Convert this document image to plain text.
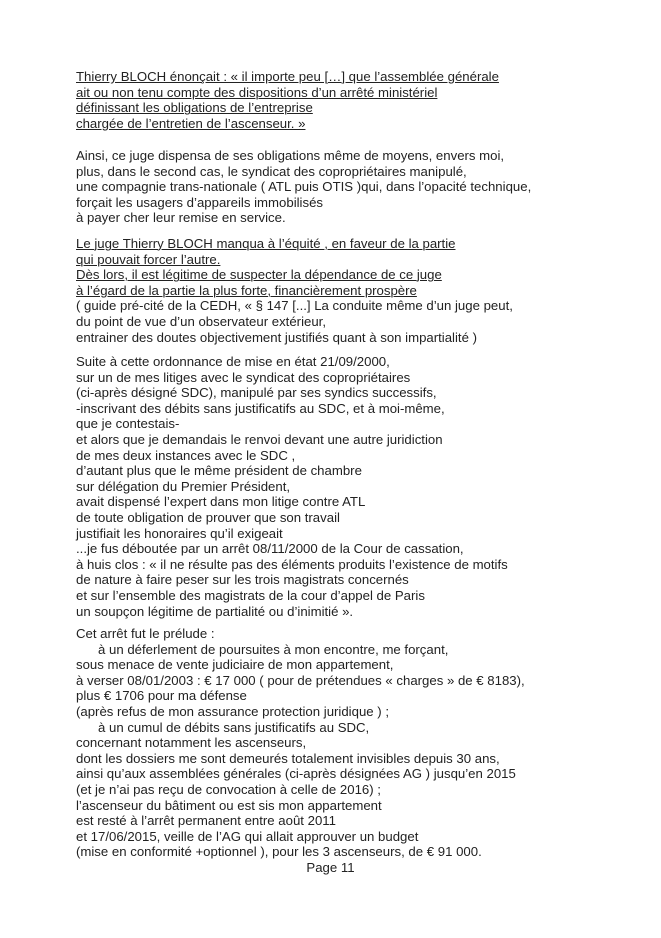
Thierry BLOCH énonçait : « il importe peu […] que l’assemblée générale
ait ou non tenu compte des dispositions d’un arrêté ministériel
définissant les obligations de l’entreprise
chargée de l’entretien de l’ascenseur. »
Ainsi, ce juge dispensa de ses obligations même de moyens, envers moi,
plus, dans le second cas, le syndicat des copropriétaires manipulé,
une compagnie trans-nationale ( ATL puis OTIS )qui, dans l’opacité technique,
forçait les usagers d’appareils immobilisés
à payer cher leur remise en service.
Le juge Thierry BLOCH manqua à l’équité , en faveur de la partie
qui pouvait forcer l’autre.
Dès lors, il est légitime de suspecter la dépendance de ce juge
à l’égard de la partie la plus forte, financièrement prospère
( guide pré-cité de la CEDH, « § 147 [...] La conduite même d’un juge peut,
du point de vue d’un observateur extérieur,
entrainer des doutes objectivement justifiés quant à son impartialité )
Suite à cette ordonnance de mise en état 21/09/2000,
sur un de mes litiges avec le syndicat des copropriétaires
(ci-après désigné SDC), manipulé par ses syndics successifs,
-inscrivant des débits sans justificatifs au SDC, et à moi-même,
que je contestais-
et alors que je demandais le renvoi devant une autre juridiction
de mes deux instances avec le SDC ,
d’autant plus que le même président de chambre
sur délégation du Premier Président,
avait dispensé l’expert dans mon litige contre ATL
de toute obligation de prouver que son travail
justifiait les honoraires qu’il exigeait
...je fus déboutée par un arrêt 08/11/2000 de la Cour de cassation,
à huis clos : « il ne résulte pas des éléments produits l’existence de motifs
de nature à faire peser sur les trois magistrats concernés
et sur l’ensemble des magistrats de la cour d’appel de Paris
un soupçon légitime de partialité ou d’inimitié ».
Cet arrêt fut le prélude :
à un déferlement de poursuites à mon encontre, me forçant,
sous menace de vente judiciaire de mon appartement,
à verser 08/01/2003 : € 17 000 ( pour de prétendues « charges » de € 8183),
plus € 1706 pour ma défense
(après refus de mon assurance protection juridique ) ;
à un cumul de débits sans justificatifs au SDC,
concernant notamment les ascenseurs,
dont les dossiers me sont demeurés totalement invisibles depuis 30 ans,
ainsi qu’aux assemblées générales (ci-après désignées AG ) jusqu’en 2015
(et je n’ai pas reçu de convocation à celle de 2016) ;
l’ascenseur du bâtiment ou est sis mon appartement
est resté à l’arrêt permanent entre août 2011
et 17/06/2015, veille de l’AG qui allait approuver un budget
(mise en conformité +optionnel ), pour les 3 ascenseurs, de € 91 000.
Page 11
